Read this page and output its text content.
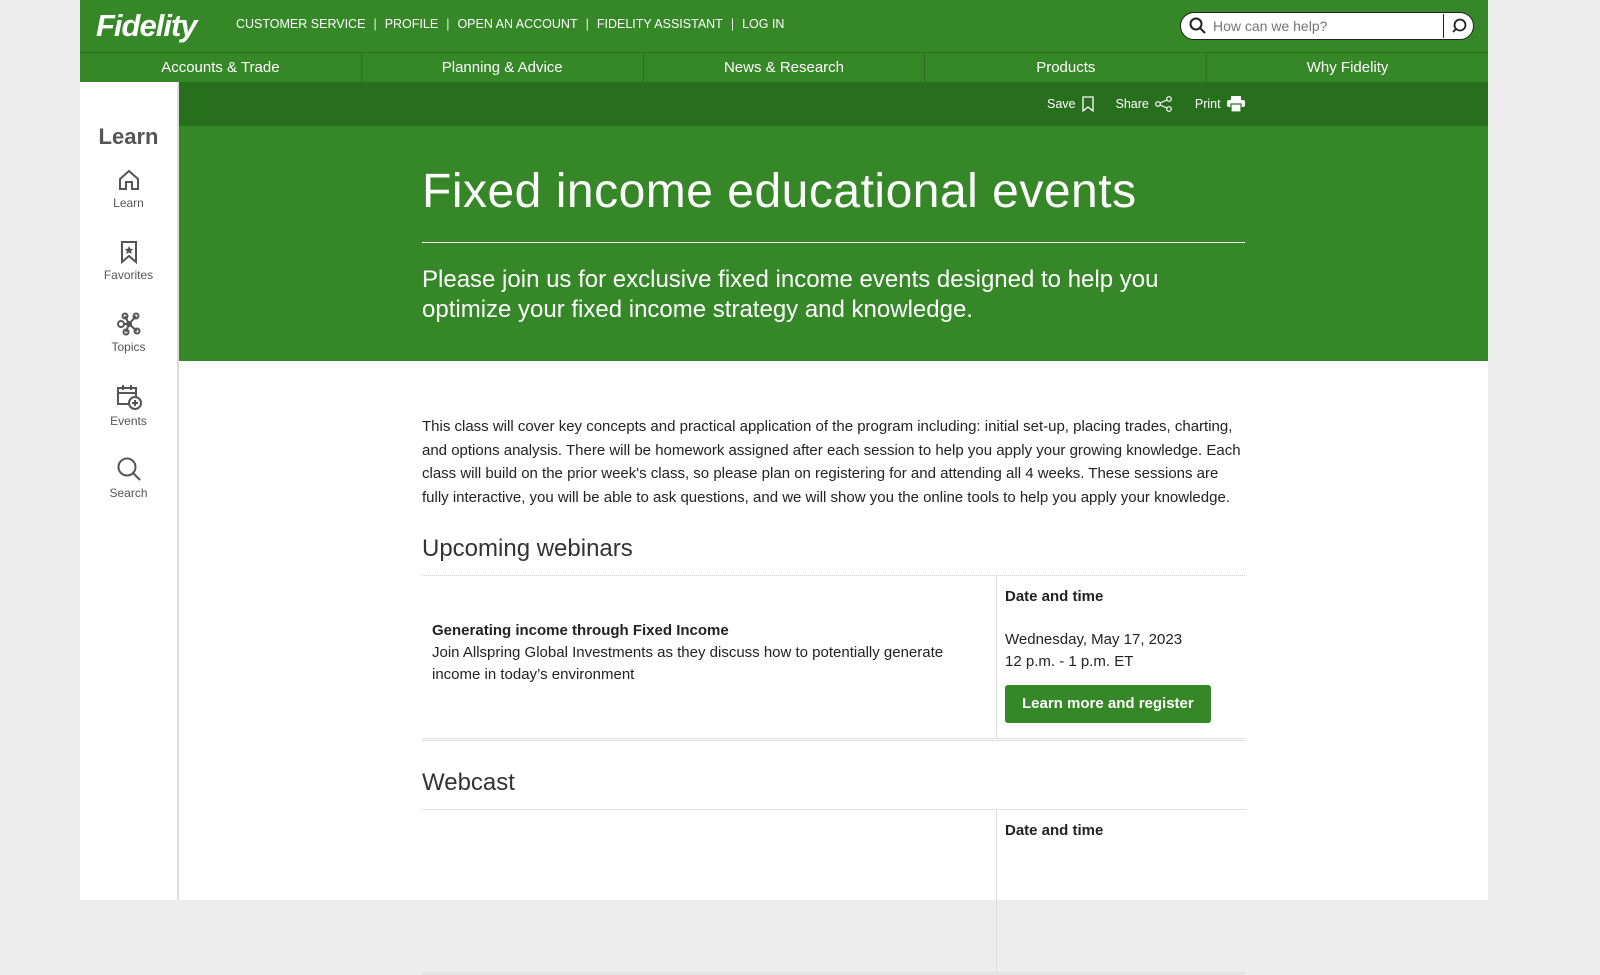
Fidelity	CUSTOMER SERVICE | PROFILE | OPEN AN ACCOUNT | FIDELITY ASSISTANT | LOG IN
How can we help?
Accounts & Trade	Planning & Advice	News & Research	Products	Why Fidelity
Learn
Learn
Favorites
Topics
Events
Search
Save	Share	Print
Fixed income educational events

Please join us for exclusive fixed income events designed to help you optimize your fixed income strategy and knowledge.

This class will cover key concepts and practical application of the program including: initial set-up, placing trades, charting, and options analysis. There will be homework assigned after each session to help you apply your growing knowledge. Each class will build on the prior week's class, so please plan on registering for and attending all 4 weeks. These sessions are fully interactive, you will be able to ask questions, and we will show you the online tools to help you apply your knowledge.

Upcoming webinars
Generating income through Fixed Income
Join Allspring Global Investments as they discuss how to potentially generate income in today’s environment
Date and time
Wednesday, May 17, 2023
12 p.m. - 1 p.m. ET
Learn more and register
Webcast
Date and time
